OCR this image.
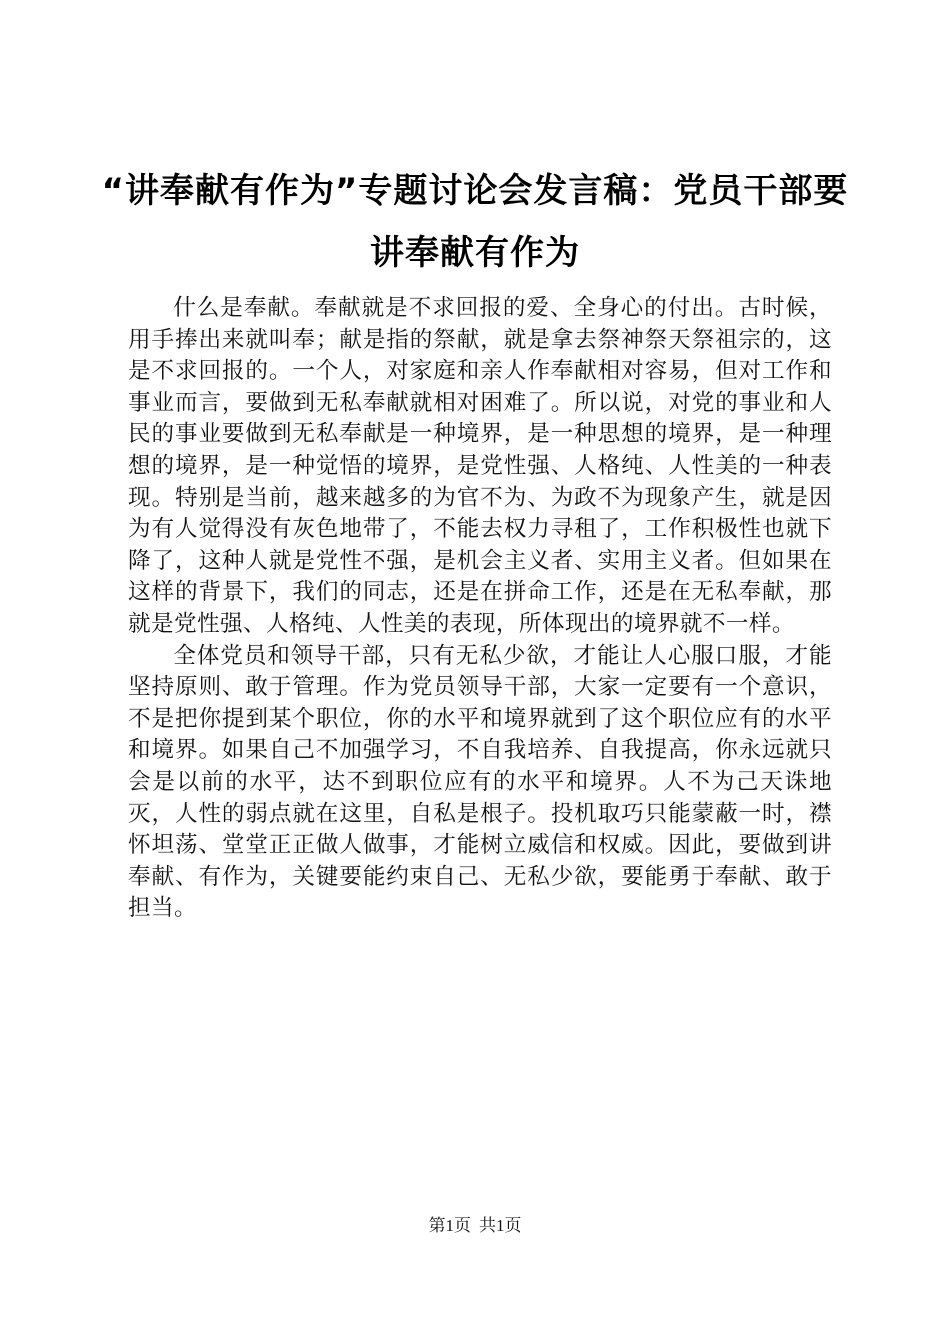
“讲奉献有作为”专题讨论会发言稿：党员干部要讲奉献有作为

什么是奉献。奉献就是不求回报的爱、全身心的付出。古时候，用手捧出来就叫奉；献是指的祭献，就是拿去祭神祭天祭祖宗的，这是不求回报的。一个人，对家庭和亲人作奉献相对容易，但对工作和事业而言，要做到无私奉献就相对困难了。所以说，对党的事业和人民的事业要做到无私奉献是一种境界，是一种思想的境界，是一种理想的境界，是一种觉悟的境界，是党性强、人格纯、人性美的一种表现。特别是当前，越来越多的为官不为、为政不为现象产生，就是因为有人觉得没有灰色地带了，不能去权力寻租了，工作积极性也就下降了，这种人就是党性不强，是机会主义者、实用主义者。但如果在这样的背景下，我们的同志，还是在拼命工作，还是在无私奉献，那就是党性强、人格纯、人性美的表现，所体现出的境界就不一样。

全体党员和领导干部，只有无私少欲，才能让人心服口服，才能坚持原则、敢于管理。作为党员领导干部，大家一定要有一个意识，不是把你提到某个职位，你的水平和境界就到了这个职位应有的水平和境界。如果自己不加强学习，不自我培养、自我提高，你永远就只会是以前的水平，达不到职位应有的水平和境界。人不为己天诛地灭，人性的弱点就在这里，自私是根子。投机取巧只能蒙蔽一时，襟怀坦荡、堂堂正正做人做事，才能树立威信和权威。因此，要做到讲奉献、有作为，关键要能约束自己、无私少欲，要能勇于奉献、敢于担当。

第1页 共1页
